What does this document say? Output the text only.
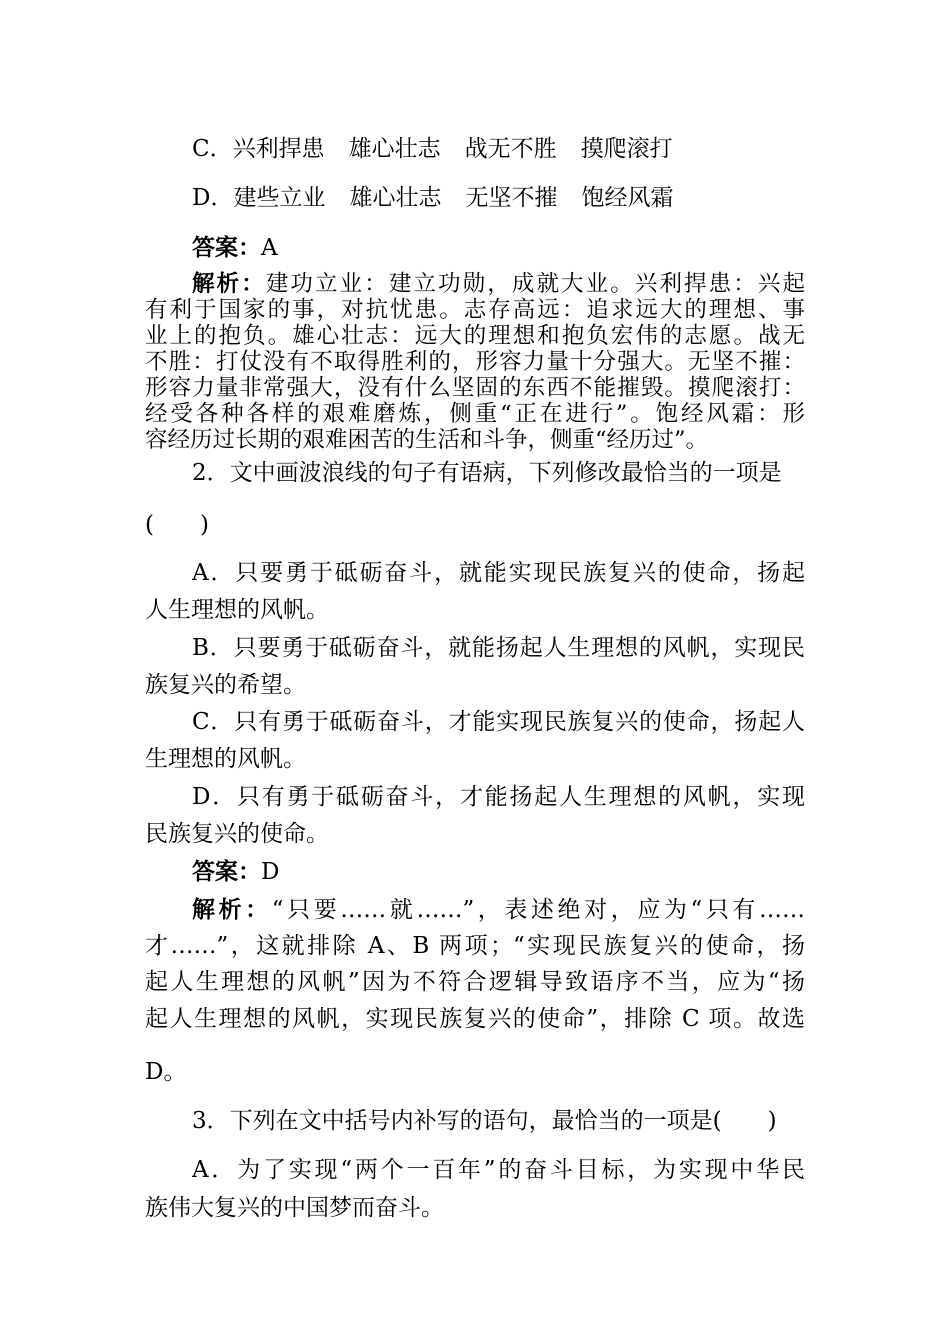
C．兴利捍患 雄心壮志 战无不胜 摸爬滚打
D．建些立业 雄心壮志 无坚不摧 饱经风霜
答案：A
解析：建功立业：建立功勋，成就大业。兴利捍患：兴起
有利于国家的事，对抗忧患。志存高远：追求远大的理想、事
业上的抱负。雄心壮志：远大的理想和抱负宏伟的志愿。战无
不胜：打仗没有不取得胜利的，形容力量十分强大。无坚不摧：
形容力量非常强大，没有什么坚固的东西不能摧毁。摸爬滚打：
经受各种各样的艰难磨炼，侧重“正在进行”。饱经风霜：形
容经历过长期的艰难困苦的生活和斗争，侧重“经历过”。
2．文中画波浪线的句子有语病，下列修改最恰当的一项是
(　　)
A．只要勇于砥砺奋斗，就能实现民族复兴的使命，扬起
人生理想的风帆。
B．只要勇于砥砺奋斗，就能扬起人生理想的风帆，实现民
族复兴的希望。
C．只有勇于砥砺奋斗，才能实现民族复兴的使命，扬起人
生理想的风帆。
D．只有勇于砥砺奋斗，才能扬起人生理想的风帆，实现
民族复兴的使命。
答案：D
解析：“只要……就……”，表述绝对，应为“只有……
才……”，这就排除 A、B 两项；“实现民族复兴的使命，扬
起人生理想的风帆”因为不符合逻辑导致语序不当，应为“扬
起人生理想的风帆，实现民族复兴的使命”，排除 C 项。故选
D。
3．下列在文中括号内补写的语句，最恰当的一项是(　　)
A．为了实现“两个一百年”的奋斗目标，为实现中华民
族伟大复兴的中国梦而奋斗。
